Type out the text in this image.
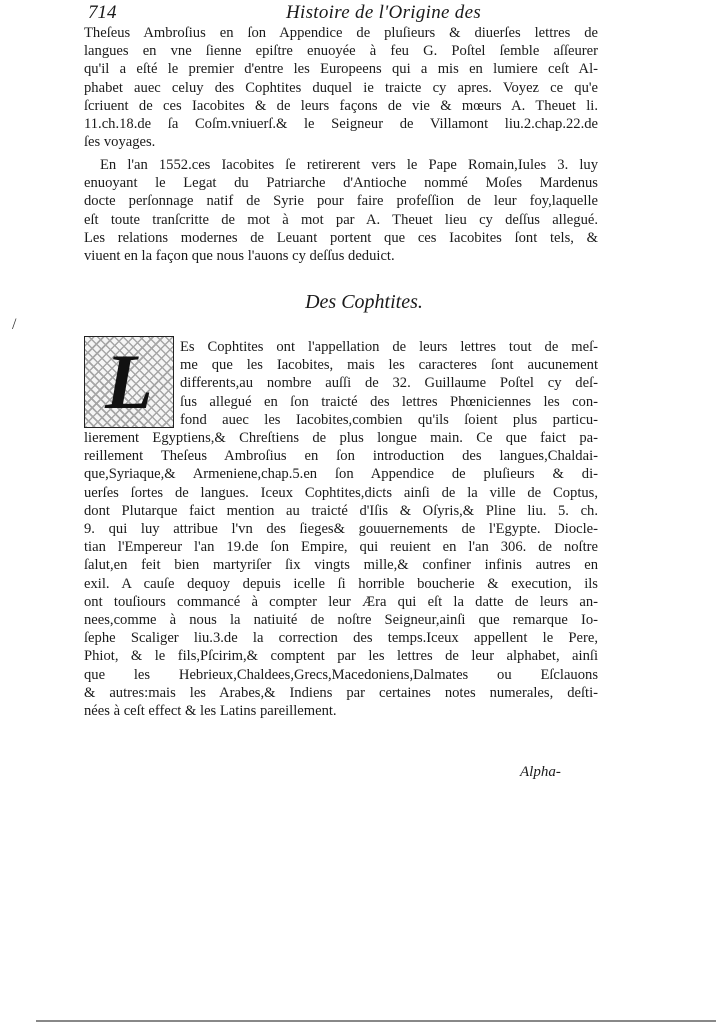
714	Histoire de l'Origine des
Theſeus Ambroſius en ſon Appendice de pluſieurs & diuerſes lettres de
langues en vne ſienne epiſtre enuoyée à feu G. Poſtel ſemble aſſeurer
qu'il a eſté le premier d'entre les Europeens qui a mis en lumiere ceſt Al-
phabet auec celuy des Cophtites duquel ie traicte cy apres. Voyez ce qu'e
ſcriuent de ces Iacobites & de leurs façons de vie & mœurs A. Theuet li.
11.ch.18.de ſa Coſm.vniuerſ.& le Seigneur de Villamont liu.2.chap.22.de
ſes voyages.
En l'an 1552.ces Iacobites ſe retirerent vers le Pape Romain,Iules 3. luy
enuoyant le Legat du Patriarche d'Antioche nommé Moſes Mardenus
docte perſonnage natif de Syrie pour faire profeſſion de leur foy,laquelle
eſt toute tranſcritte de mot à mot par A. Theuet lieu cy deſſus allegué.
Les relations modernes de Leuant portent que ces Iacobites ſont tels, &
viuent en la façon que nous l'auons cy deſſus deduict.
Des Cophtites.
L	Es Cophtites ont l'appellation de leurs lettres tout de meſ-
me que les Iacobites, mais les caracteres ſont aucunement
differents,au nombre auſſi de 32. Guillaume Poſtel cy deſ-
ſus allegué en ſon traicté des lettres Phœniciennes les con-
fond auec les Iacobites,combien qu'ils ſoient plus particu-
lierement Egyptiens,& Chreſtiens de plus longue main. Ce que faict pa-
reillement Theſeus Ambroſius en ſon introduction des langues,Chaldai-
que,Syriaque,& Armeniene,chap.5.en ſon Appendice de pluſieurs & di-
uerſes ſortes de langues. Iceux Cophtites,dicts ainſi de la ville de Coptus,
dont Plutarque faict mention au traicté d'Iſis & Oſyris,& Pline liu. 5. ch.
9. qui luy attribue l'vn des ſieges& gouuernements de l'Egypte. Diocle-
tian l'Empereur l'an 19.de ſon Empire, qui reuient en l'an 306. de noſtre
ſalut,en feit bien martyriſer ſix vingts mille,& confiner infinis autres en
exil. A cauſe dequoy depuis icelle ſi horrible boucherie & execution, ils
ont touſiours commancé à compter leur Æra qui eſt la datte de leurs an-
nees,comme à nous la natiuité de noſtre Seigneur,ainſi que remarque Io-
ſephe Scaliger liu.3.de la correction des temps.Iceux appellent le Pere,
Phiot, & le fils,Pſcirim,& comptent par les lettres de leur alphabet, ainſi
que les Hebrieux,Chaldees,Grecs,Macedoniens,Dalmates ou Eſclauons
& autres:mais les Arabes,& Indiens par certaines notes numerales, deſti-
nées à ceſt effect & les Latins pareillement.
Alpha-
/
